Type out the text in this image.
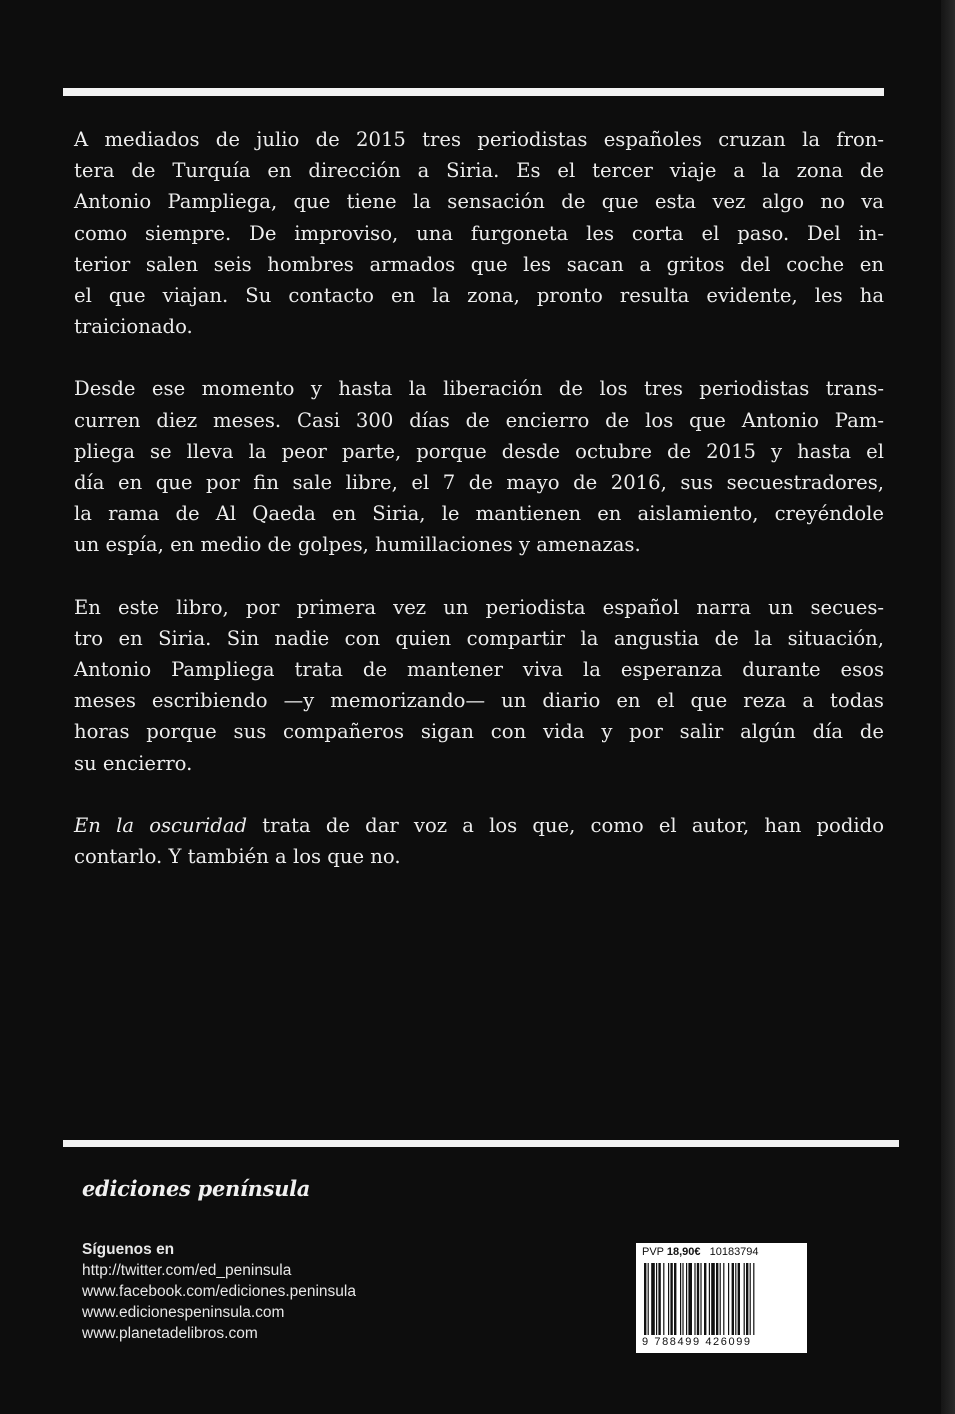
A mediados de julio de 2015 tres periodistas españoles cruzan la fron-
tera de Turquía en dirección a Siria. Es el tercer viaje a la zona de
Antonio Pampliega, que tiene la sensación de que esta vez algo no va
como siempre. De improviso, una furgoneta les corta el paso. Del in-
terior salen seis hombres armados que les sacan a gritos del coche en
el que viajan. Su contacto en la zona, pronto resulta evidente, les ha
traicionado.

Desde ese momento y hasta la liberación de los tres periodistas trans-
curren diez meses. Casi 300 días de encierro de los que Antonio Pam-
pliega se lleva la peor parte, porque desde octubre de 2015 y hasta el
día en que por fin sale libre, el 7 de mayo de 2016, sus secuestradores,
la rama de Al Qaeda en Siria, le mantienen en aislamiento, creyéndole
un espía, en medio de golpes, humillaciones y amenazas.

En este libro, por primera vez un periodista español narra un secues-
tro en Siria. Sin nadie con quien compartir la angustia de la situación,
Antonio Pampliega trata de mantener viva la esperanza durante esos
meses escribiendo —y memorizando— un diario en el que reza a todas
horas porque sus compañeros sigan con vida y por salir algún día de
su encierro.

En la oscuridad trata de dar voz a los que, como el autor, han podido
contarlo. Y también a los que no.

ediciones península
Síguenos en
http://twitter.com/ed_peninsula
www.facebook.com/ediciones.peninsula
www.edicionespeninsula.com
www.planetadelibros.com
PVP 18,90€ 10183794
9 788499 426099
